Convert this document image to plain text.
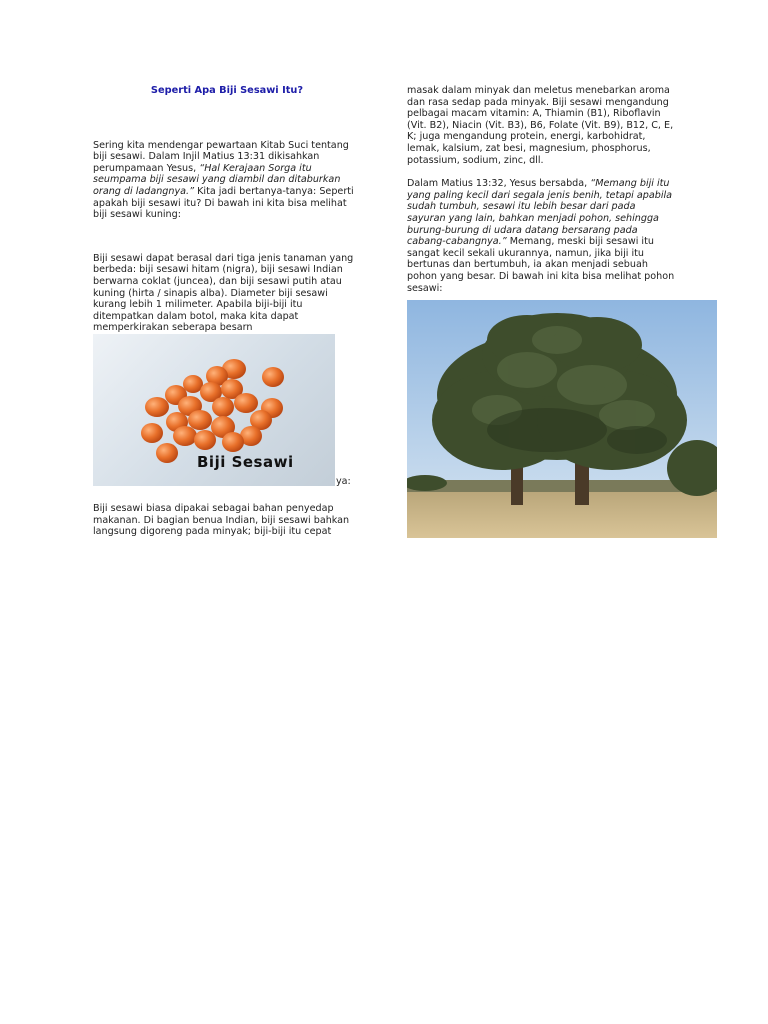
Seperti Apa Biji Sesawi Itu?

Sering kita mendengar pewartaan Kitab Suci tentang biji sesawi. Dalam Injil Matius 13:31 dikisahkan perumpamaan Yesus, “Hal Kerajaan Sorga itu seumpama biji sesawi yang diambil dan ditaburkan orang di ladangnya.” Kita jadi bertanya-tanya: Seperti apakah biji sesawi itu? Di bawah ini kita bisa melihat biji sesawi kuning:

Biji sesawi dapat berasal dari tiga jenis tanaman yang berbeda: biji sesawi hitam (nigra), biji sesawi Indian berwarna coklat (juncea), dan biji sesawi putih atau kuning (hirta / sinapis alba). Diameter biji sesawi kurang lebih 1 milimeter. Apabila biji-biji itu ditempatkan dalam botol, maka kita dapat memperkirakan seberapa besarn

Biji Sesawi
ya:

Biji sesawi biasa dipakai sebagai bahan penyedap makanan. Di bagian benua Indian, biji sesawi bahkan langsung digoreng pada minyak; biji-biji itu cepat

masak dalam minyak dan meletus menebarkan aroma dan rasa sedap pada minyak. Biji sesawi mengandung pelbagai macam vitamin: A, Thiamin (B1), Riboflavin (Vit. B2), Niacin (Vit. B3), B6, Folate (Vit. B9), B12, C, E, K; juga mengandung protein, energi, karbohidrat, lemak, kalsium, zat besi, magnesium, phosphorus, potassium, sodium, zinc, dll.

Dalam Matius 13:32, Yesus bersabda, “Memang biji itu yang paling kecil dari segala jenis benih, tetapi apabila sudah tumbuh, sesawi itu lebih besar dari pada sayuran yang lain, bahkan menjadi pohon, sehingga burung-burung di udara datang bersarang pada cabang-cabangnya.” Memang, meski biji sesawi itu sangat kecil sekali ukurannya, namun, jika biji itu bertunas dan bertumbuh, ia akan menjadi sebuah pohon yang besar. Di bawah ini kita bisa melihat pohon sesawi:
